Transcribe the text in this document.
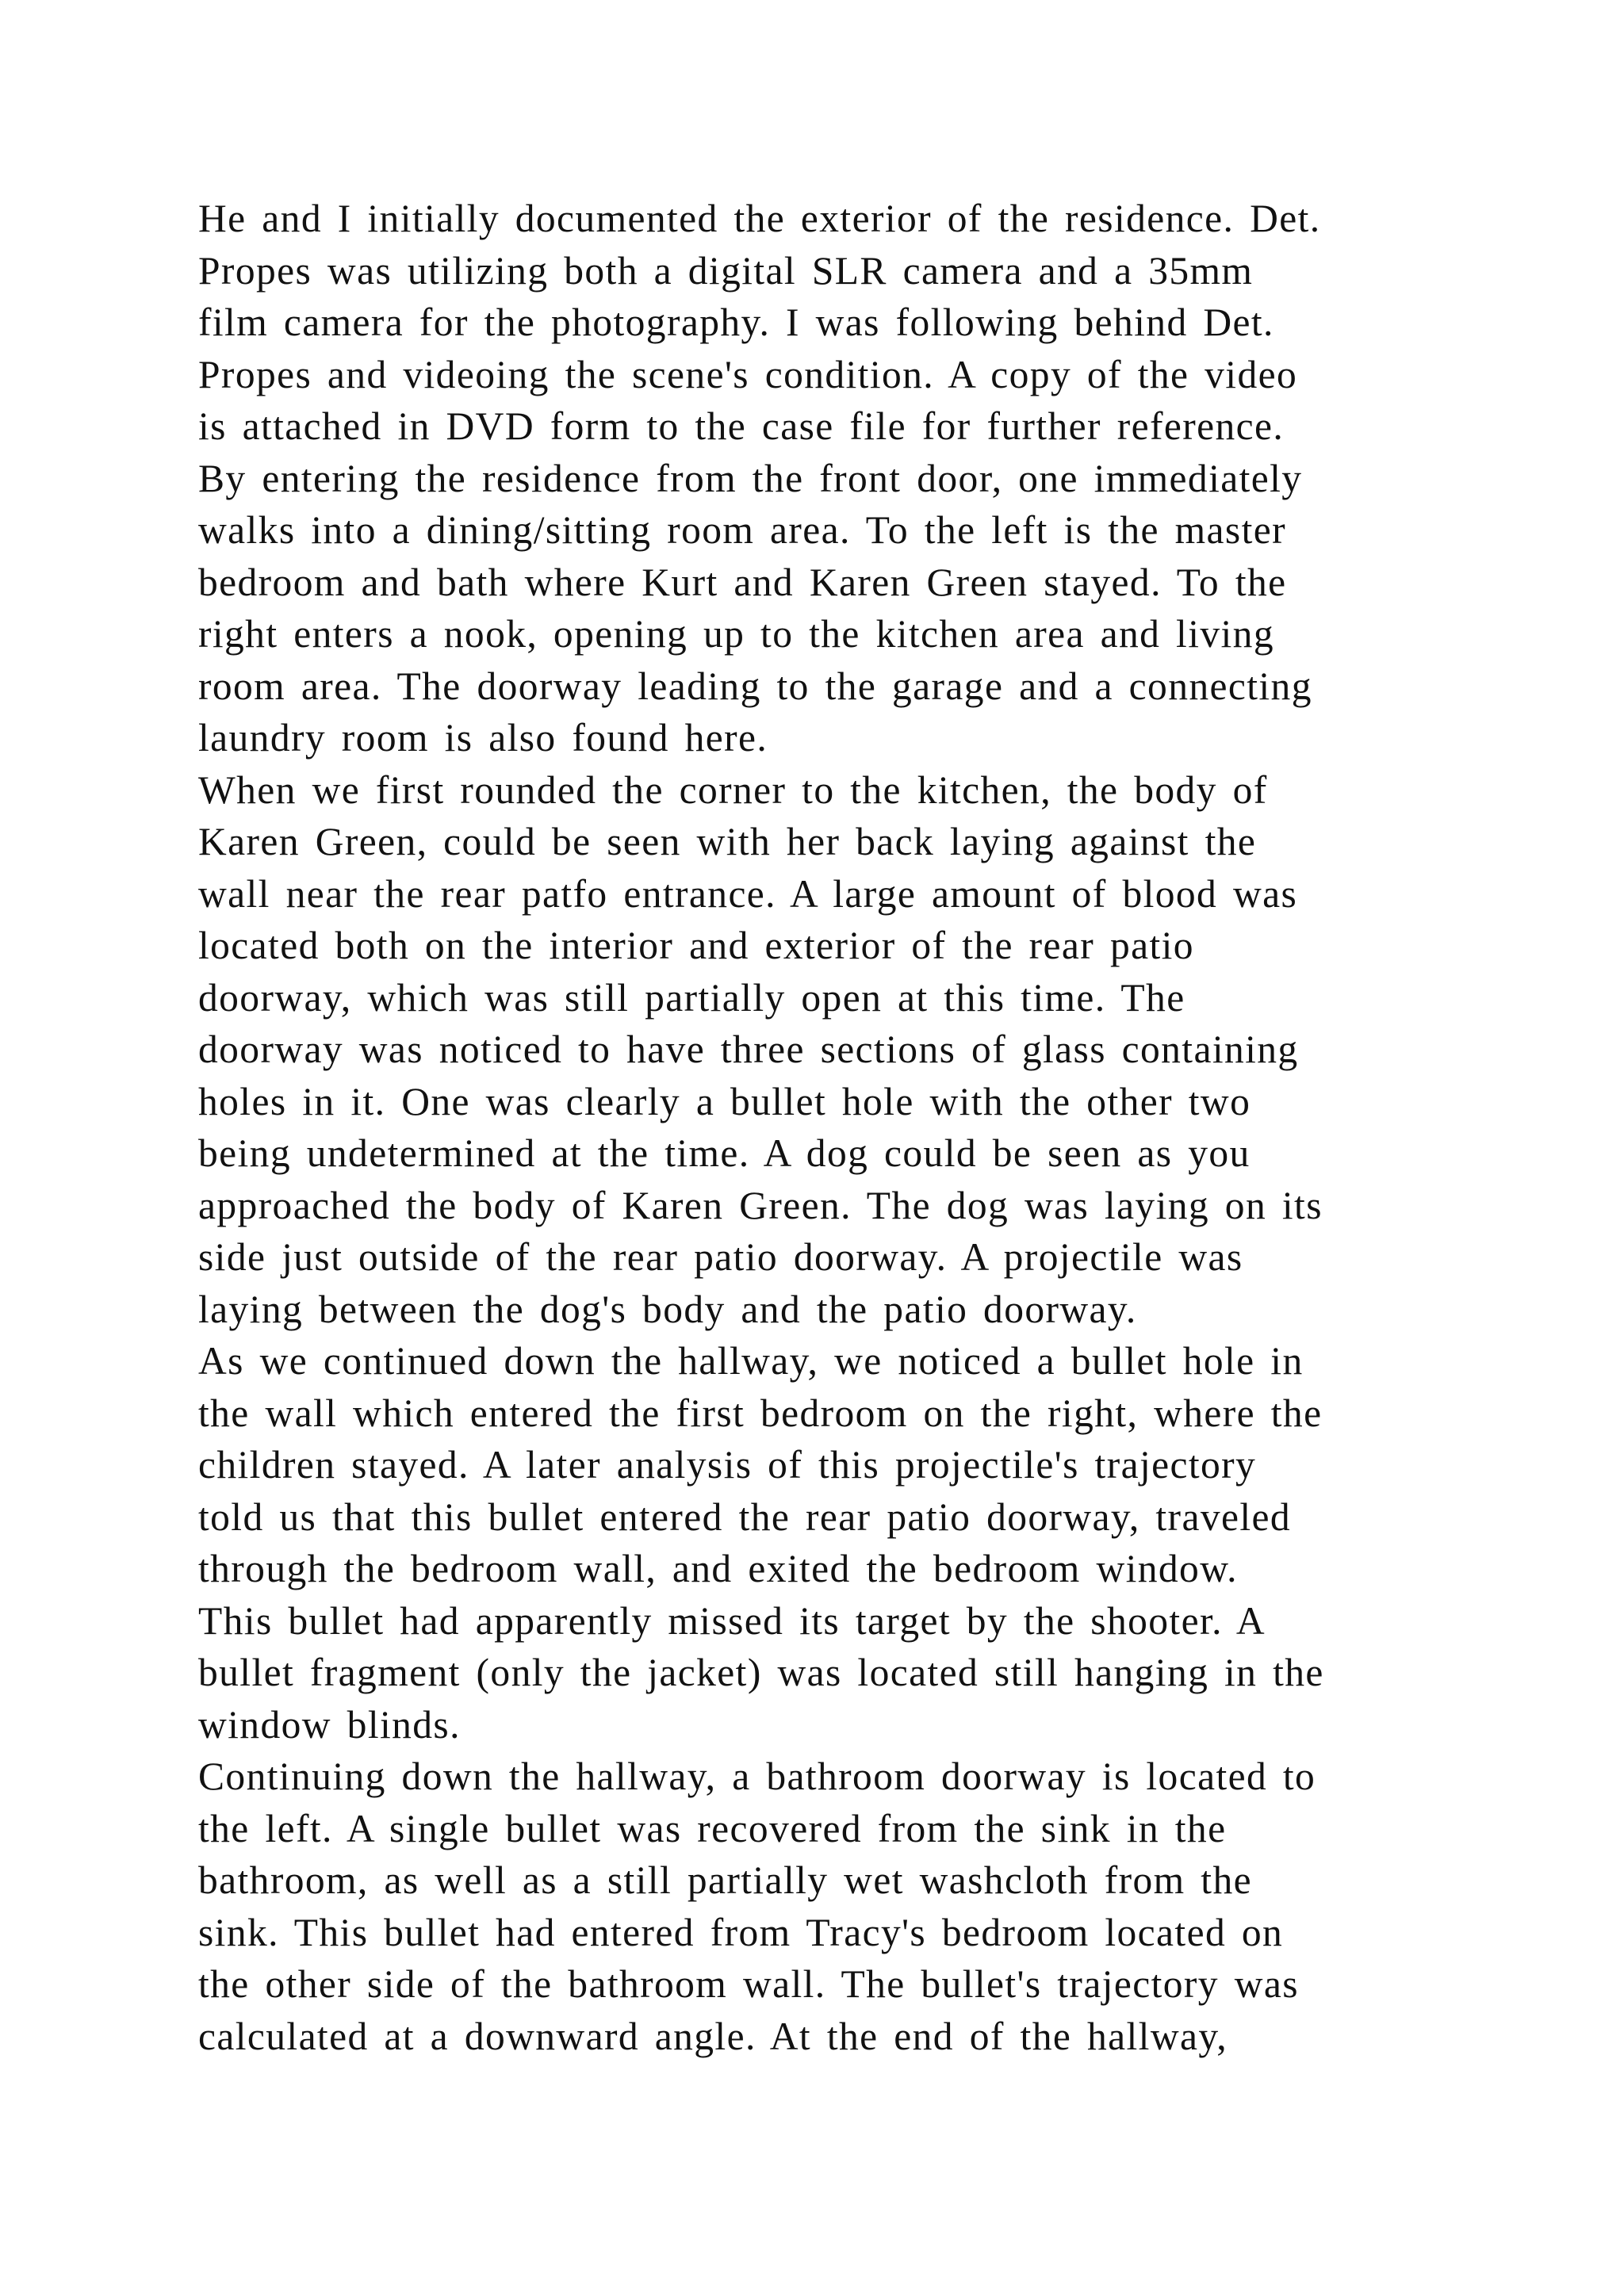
He and I initially documented the exterior of the residence. Det.
Propes was utilizing both a digital SLR camera and a 35mm
film camera for the photography. I was following behind Det.
Propes and videoing the scene's condition. A copy of the video
is attached in DVD form to the case file for further reference.
By entering the residence from the front door, one immediately
walks into a dining/sitting room area. To the left is the master
bedroom and bath where Kurt and Karen Green stayed. To the
right enters a nook, opening up to the kitchen area and living
room area. The doorway leading to the garage and a connecting
laundry room is also found here.
When we first rounded the corner to the kitchen, the body of
Karen Green, could be seen with her back laying against the
wall near the rear patfo entrance. A large amount of blood was
located both on the interior and exterior of the rear patio
doorway, which was still partially open at this time. The
doorway was noticed to have three sections of glass containing
holes in it. One was clearly a bullet hole with the other two
being undetermined at the time. A dog could be seen as you
approached the body of Karen Green. The dog was laying on its
side just outside of the rear patio doorway. A projectile was
laying between the dog's body and the patio doorway.
As we continued down the hallway, we noticed a bullet hole in
the wall which entered the first bedroom on the right, where the
children stayed. A later analysis of this projectile's trajectory
told us that this bullet entered the rear patio doorway, traveled
through the bedroom wall, and exited the bedroom window.
This bullet had apparently missed its target by the shooter. A
bullet fragment (only the jacket) was located still hanging in the
window blinds.
Continuing down the hallway, a bathroom doorway is located to
the left. A single bullet was recovered from the sink in the
bathroom, as well as a still partially wet washcloth from the
sink. This bullet had entered from Tracy's bedroom located on
the other side of the bathroom wall. The bullet's trajectory was
calculated at a downward angle. At the end of the hallway,
